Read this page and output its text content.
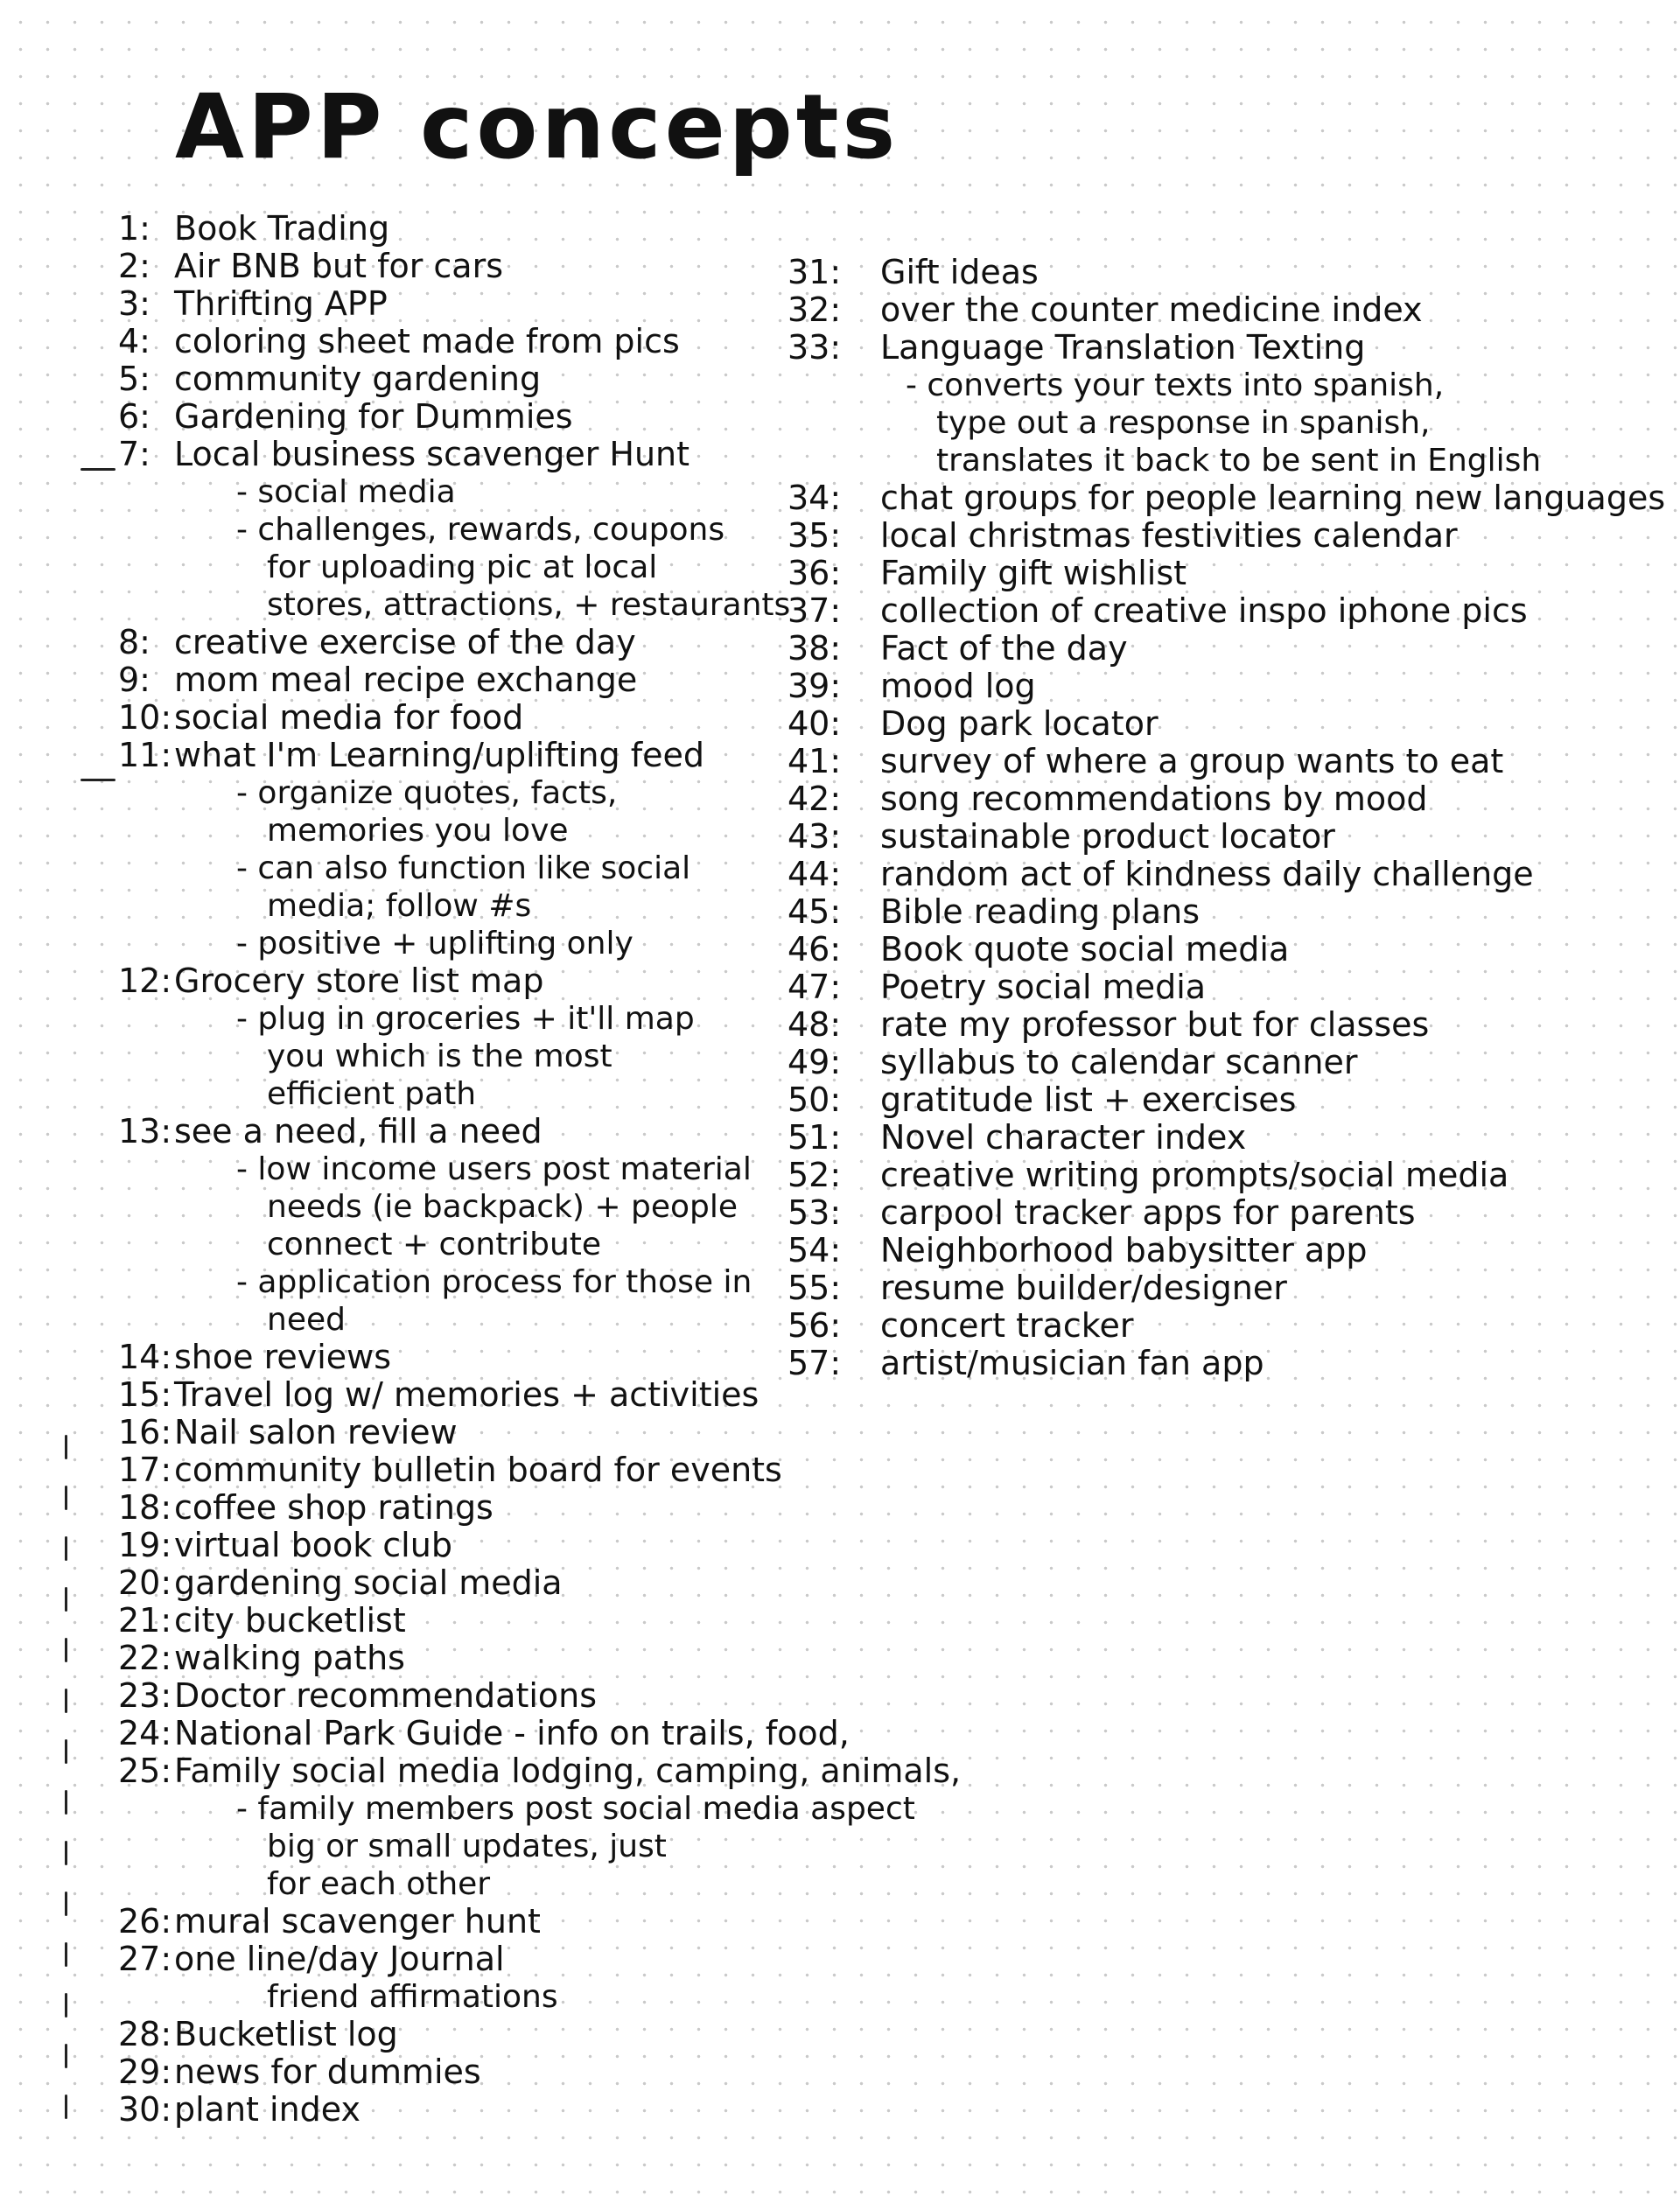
APP concepts
1: Book Trading
2: Air BNB but for cars
3: Thrifting APP
4: coloring sheet made from pics
5: community gardening
6: Gardening for Dummies
7: Local business scavenger Hunt
- social media
- challenges, rewards, coupons
for uploading pic at local
stores, attractions, + restaurants
8: creative exercise of the day
9: mom meal recipe exchange
10:social media for food
11:what I'm Learning/uplifting feed
- organize quotes, facts,
memories you love
- can also function like social
media; follow #s
- positive + uplifting only
12:Grocery store list map
- plug in groceries + it'll map
you which is the most
efficient path
13:see a need, fill a need
- low income users post material
needs (ie backpack) + people
connect + contribute
- application process for those in
need
14:shoe reviews
15:Travel log w/ memories + activities
16:Nail salon review
17:community bulletin board for events
18:coffee shop ratings
19:virtual book club
20:gardening social media
21:city bucketlist
22:walking paths
23:Doctor recommendations
24:National Park Guide - info on trails, food,
25:Family social media lodging, camping, animals,
- family members post social media aspect
big or small updates, just
for each other
26:mural scavenger hunt
27:one line/day Journal
friend affirmations
28:Bucketlist log
29:news for dummies
30:plant index
31: Gift ideas
32: over the counter medicine index
33: Language Translation Texting
- converts your texts into spanish,
type out a response in spanish,
translates it back to be sent in English
34: chat groups for people learning new languages
35: local christmas festivities calendar
36: Family gift wishlist
37: collection of creative inspo iphone pics
38: Fact of the day
39: mood log
40: Dog park locator
41: survey of where a group wants to eat
42: song recommendations by mood
43: sustainable product locator
44: random act of kindness daily challenge
45: Bible reading plans
46: Book quote social media
47: Poetry social media
48: rate my professor but for classes
49: syllabus to calendar scanner
50: gratitude list + exercises
51: Novel character index
52: creative writing prompts/social media
53: carpool tracker apps for parents
54: Neighborhood babysitter app
55: resume builder/designer
56: concert tracker
57: artist/musician fan app
